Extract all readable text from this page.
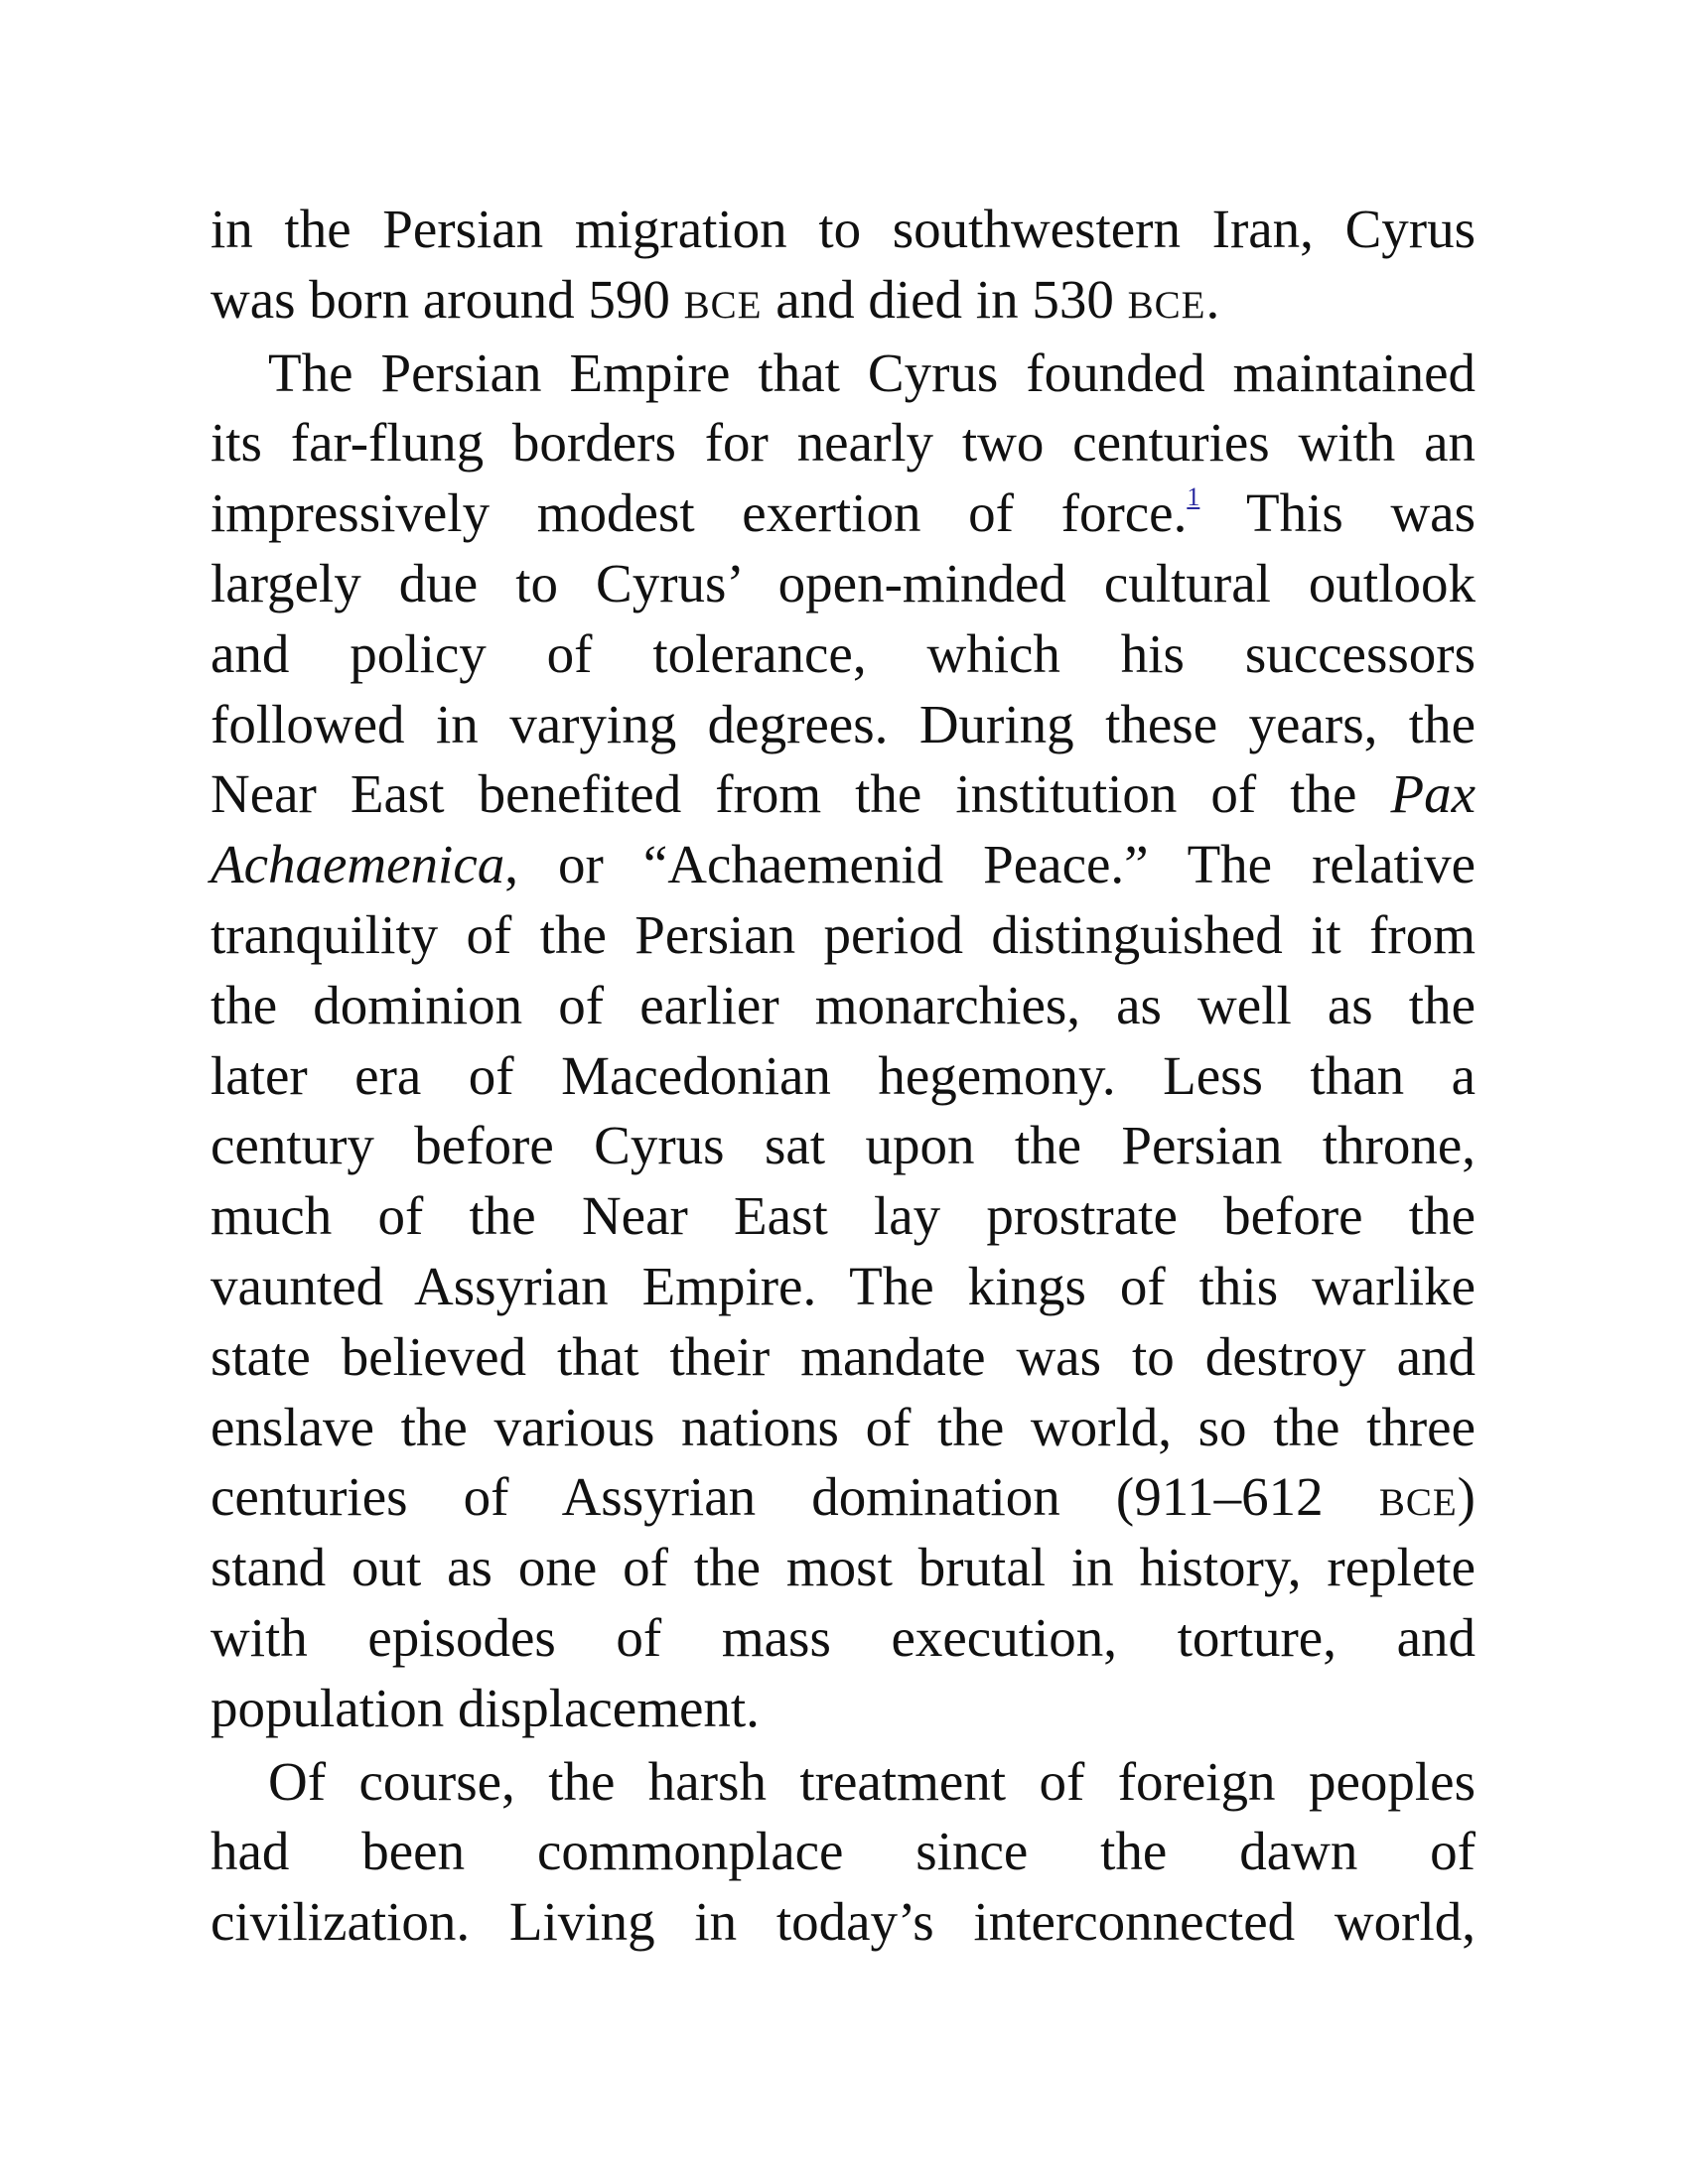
in the Persian migration to southwestern Iran, Cyrus
was born around 590 BCE and died in 530 BCE.
The Persian Empire that Cyrus founded maintained
its far-flung borders for nearly two centuries with an
impressively modest exertion of force.$^1$ This was
largely due to Cyrus’ open-minded cultural outlook
and policy of tolerance, which his successors
followed in varying degrees. During these years, the
Near East benefited from the institution of the Pax
Achaemenica, or “Achaemenid Peace.” The relative
tranquility of the Persian period distinguished it from
the dominion of earlier monarchies, as well as the
later era of Macedonian hegemony. Less than a
century before Cyrus sat upon the Persian throne,
much of the Near East lay prostrate before the
vaunted Assyrian Empire. The kings of this warlike
state believed that their mandate was to destroy and
enslave the various nations of the world, so the three
centuries of Assyrian domination (911–612 BCE)
stand out as one of the most brutal in history, replete
with episodes of mass execution, torture, and
population displacement.
Of course, the harsh treatment of foreign peoples
had been commonplace since the dawn of
civilization. Living in today’s interconnected world,
